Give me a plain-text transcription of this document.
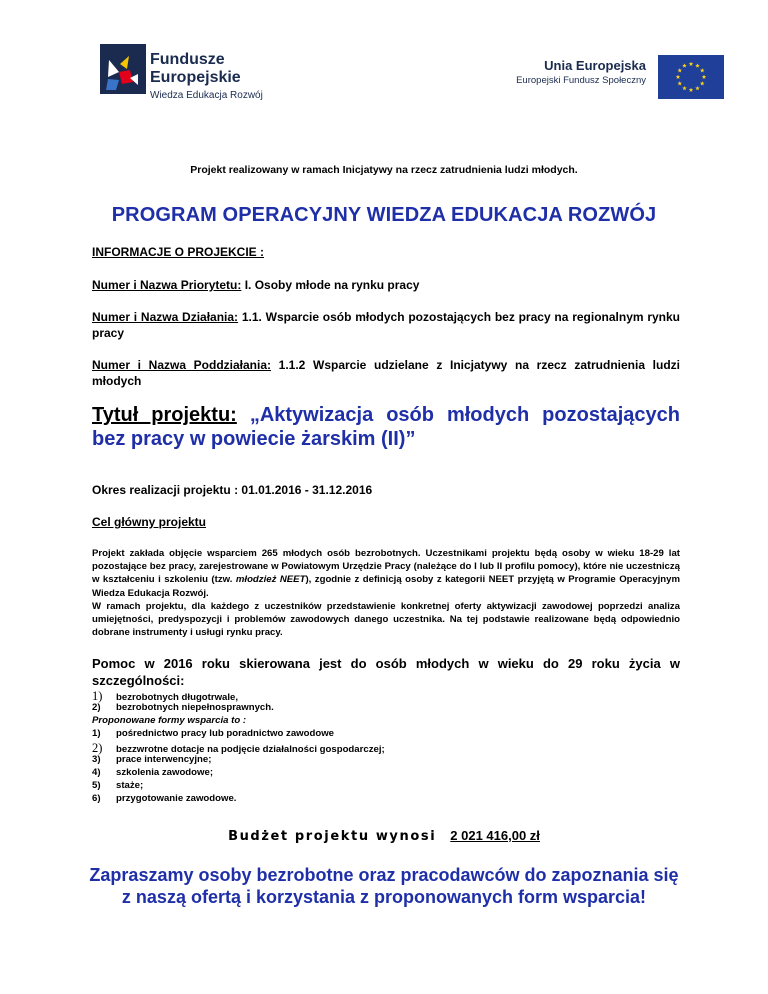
Fundusze
Europejskie
Wiedza Edukacja Rozwój
Unia Europejska
Europejski Fundusz Społeczny
Projekt realizowany w ramach Inicjatywy na rzecz zatrudnienia ludzi młodych.
PROGRAM OPERACYJNY WIEDZA EDUKACJA ROZWÓJ
INFORMACJE O PROJEKCIE :
Numer i Nazwa Priorytetu: I. Osoby młode na rynku pracy
Numer i Nazwa Działania: 1.1. Wsparcie osób młodych pozostających bez pracy na regionalnym rynku pracy
Numer i Nazwa Poddziałania: 1.1.2 Wsparcie udzielane z Inicjatywy na rzecz zatrudnienia ludzi młodych
Tytuł projektu: „Aktywizacja osób młodych pozostających bez pracy w powiecie żarskim (II)”
Okres realizacji projektu : 01.01.2016 - 31.12.2016
Cel główny projektu

Projekt zakłada objęcie wsparciem 265 młodych osób bezrobotnych. Uczestnikami projektu będą osoby w wieku 18-29 lat pozostające bez pracy, zarejestrowane w Powiatowym Urzędzie Pracy (należące do I lub II profilu pomocy), które nie uczestniczą w kształceniu i szkoleniu (tzw. młodzież NEET), zgodnie z definicją osoby z kategorii NEET przyjętą w Programie Operacyjnym Wiedza Edukacja Rozwój.

W ramach projektu, dla każdego z uczestników przedstawienie konkretnej oferty aktywizacji zawodowej poprzedzi analiza umiejętności, predyspozycji i problemów zawodowych danego uczestnika. Na tej podstawie realizowane będą odpowiednio dobrane instrumenty i usługi rynku pracy.

Pomoc w 2016 roku skierowana jest do osób młodych w wieku do 29 roku życia w szczególności:
1)	bezrobotnych długotrwale,
2)	bezrobotnych niepełnosprawnych.
Proponowane formy wsparcia to :
1)	pośrednictwo pracy lub poradnictwo zawodowe
2)	bezzwrotne dotacje na podjęcie działalności gospodarczej;
3)	prace interwencyjne;
4)	szkolenia zawodowe;
5)	staże;
6)	przygotowanie zawodowe.
Budżet projektu wynosi 2 021 416,00 zł
Zapraszamy osoby bezrobotne oraz pracodawców do zapoznania się
z naszą ofertą i korzystania z proponowanych form wsparcia!
